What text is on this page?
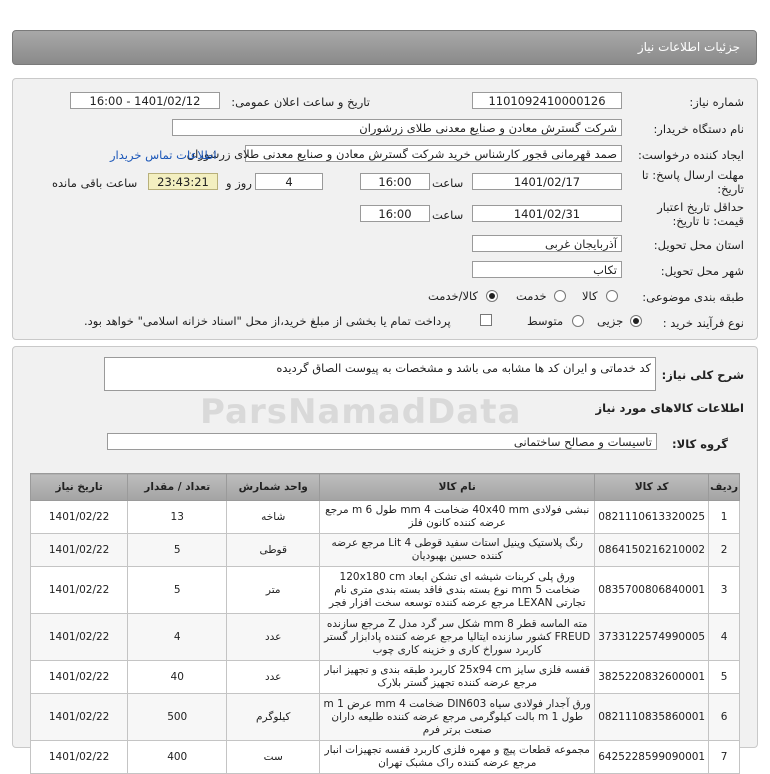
جزئیات اطلاعات نیاز
شماره نیاز:
1101092410000126
تاریخ و ساعت اعلان عمومی:
1401/02/12 - 16:00
نام دستگاه خریدار:
شرکت گسترش معادن و صنایع معدنی طلای زرشوران
ایجاد کننده درخواست:
صمد قهرمانی قجور کارشناس خرید شرکت گسترش معادن و صنایع معدنی طلای زرشوران
اطلاعات تماس خریدار
مهلت ارسال پاسخ: تا
تاریخ:
1401/02/17
ساعت
16:00
4
روز و
23:43:21
ساعت باقی مانده
حداقل تاریخ اعتبار
قیمت: تا تاریخ:
1401/02/31
ساعت
16:00
استان محل تحویل:
آذربایجان غربی
شهر محل تحویل:
تکاب
طبقه بندی موضوعی:
کالا
خدمت
کالا/خدمت
نوع فرآیند خرید :
جزیی
متوسط
پرداخت تمام یا بخشی از مبلغ خرید،از محل "اسناد خزانه اسلامی" خواهد بود.
شرح کلی نیاز:
کد خدماتی و ایران کد ها مشابه می باشد و مشخصات به پیوست الصاق گردیده
ParsNamadData	اطلاعات کالاهای مورد نیاز
گروه کالا:
تاسیسات و مصالح ساختمانی
ردیف	کد کالا	نام کالا	واحد شمارش	تعداد / مقدار	تاریخ نیاز
1	0821110613320025	نبشی فولادی 40x40 mm ضخامت 4 mm طول 6 m مرجع عرضه کننده کانون فلز	شاخه	13	1401/02/22
2	0864150216210002	رنگ پلاستیک وینیل استات سفید قوطی 4 Lit مرجع عرضه کننده حسین بهبودیان	قوطی	5	1401/02/22
3	0835700806840001	ورق پلی کربنات شیشه ای تشکن ابعاد 120x180 cm ضخامت 5 mm نوع بسته بندی فاقد بسته بندی متری نام تجارتی LEXAN مرجع عرضه کننده توسعه سخت افزار فجر	متر	5	1401/02/22
4	3733122574990005	مته الماسه قطر 8 mm شکل سر گرد مدل Z مرجع سازنده FREUD کشور سازنده ایتالیا مرجع عرضه کننده پادابزار گستر کاربرد سوراخ کاری و خزینه کاری چوب	عدد	4	1401/02/22
5	3825220832600001	قفسه فلزی سایز 25x94 cm کاربرد طبقه بندی و تجهیز انبار مرجع عرضه کننده تجهیز گستر بلارک	عدد	40	1401/02/22
6	0821110835860001	ورق آجدار فولادی سیاه DIN603 ضخامت 4 mm عرض 1 m طول 1 m بالت کیلوگرمی مرجع عرضه کننده طلیعه داران صنعت برتر فرم	کیلوگرم	500	1401/02/22
7	6425228599090001	مجموعه قطعات پیچ و مهره فلزی کاربرد قفسه تجهیزات انبار مرجع عرضه کننده راک مشبک تهران	ست	400	1401/02/22
